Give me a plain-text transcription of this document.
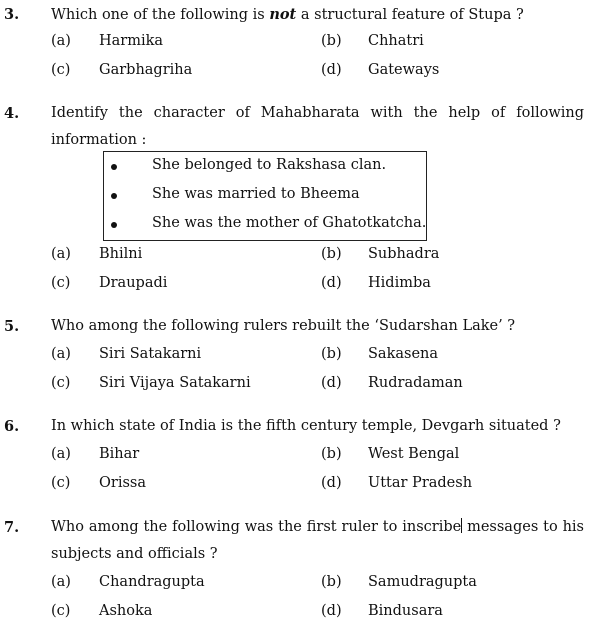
3. Which one of the following is not a structural feature of Stupa ?
(a)	Harmika	(b)	Chhatri
(c)	Garbhagriha	(d)	Gateways
4. Identify the character of Mahabharata with the help of following information :
She belonged to Rakshasa clan.
She was married to Bheema
She was the mother of Ghatotkatcha.
(a)	Bhilni	(b)	Subhadra
(c)	Draupadi	(d)	Hidimba
5. Who among the following rulers rebuilt the ‘Sudarshan Lake’ ?
(a)	Siri Satakarni	(b)	Sakasena
(c)	Siri Vijaya Satakarni	(d)	Rudradaman
6. In which state of India is the fifth century temple, Devgarh situated ?
(a)	Bihar	(b)	West Bengal
(c)	Orissa	(d)	Uttar Pradesh
7. Who among the following was the first ruler to inscribe messages to his subjects and officials ?
(a)	Chandragupta	(b)	Samudragupta
(c)	Ashoka	(d)	Bindusara
